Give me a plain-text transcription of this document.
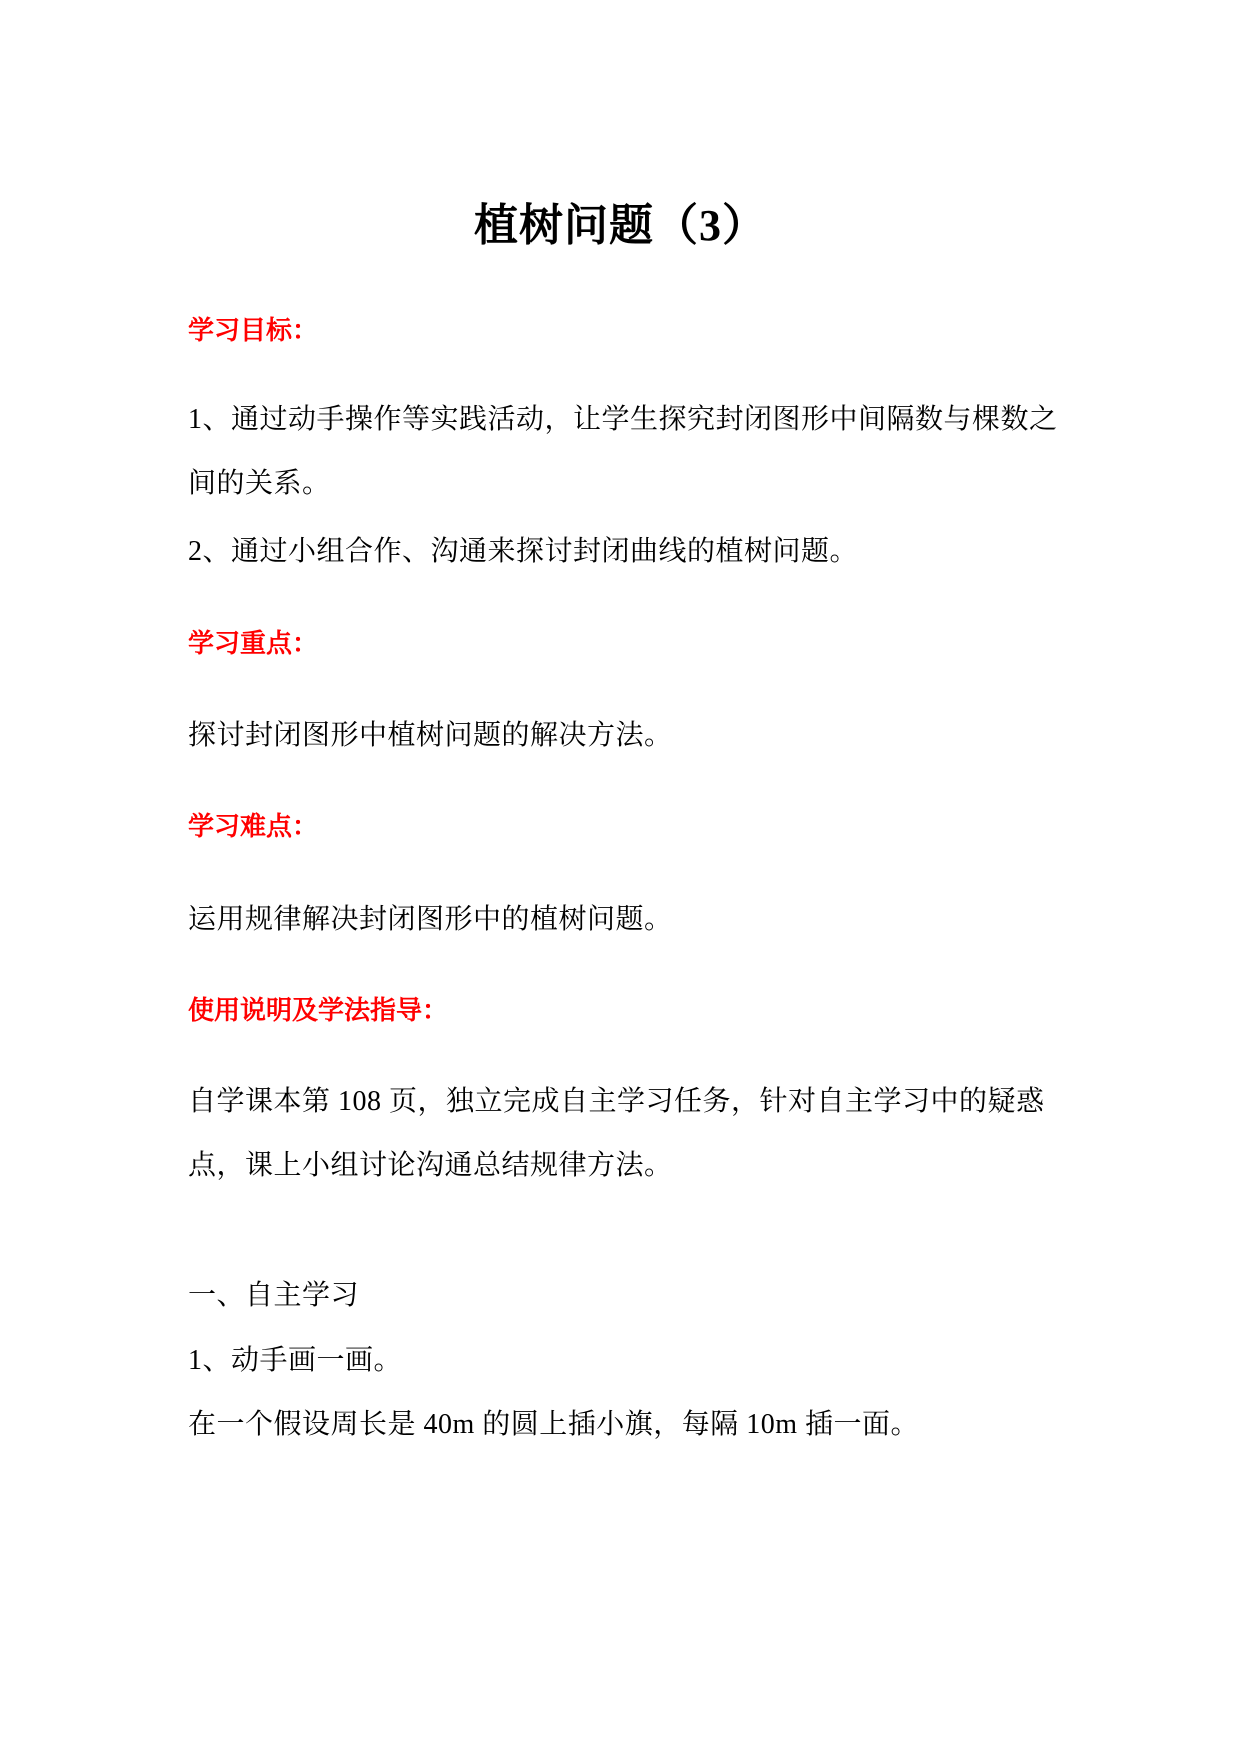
植树问题（3）
学习目标：
1、通过动手操作等实践活动，让学生探究封闭图形中间隔数与棵数之间的关系。
2、通过小组合作、沟通来探讨封闭曲线的植树问题。
学习重点：
探讨封闭图形中植树问题的解决方法。
学习难点：
运用规律解决封闭图形中的植树问题。
使用说明及学法指导：
自学课本第 108 页，独立完成自主学习任务，针对自主学习中的疑惑点，课上小组讨论沟通总结规律方法。
一、自主学习
1、动手画一画。
在一个假设周长是 40m 的圆上插小旗，每隔 10m 插一面。
